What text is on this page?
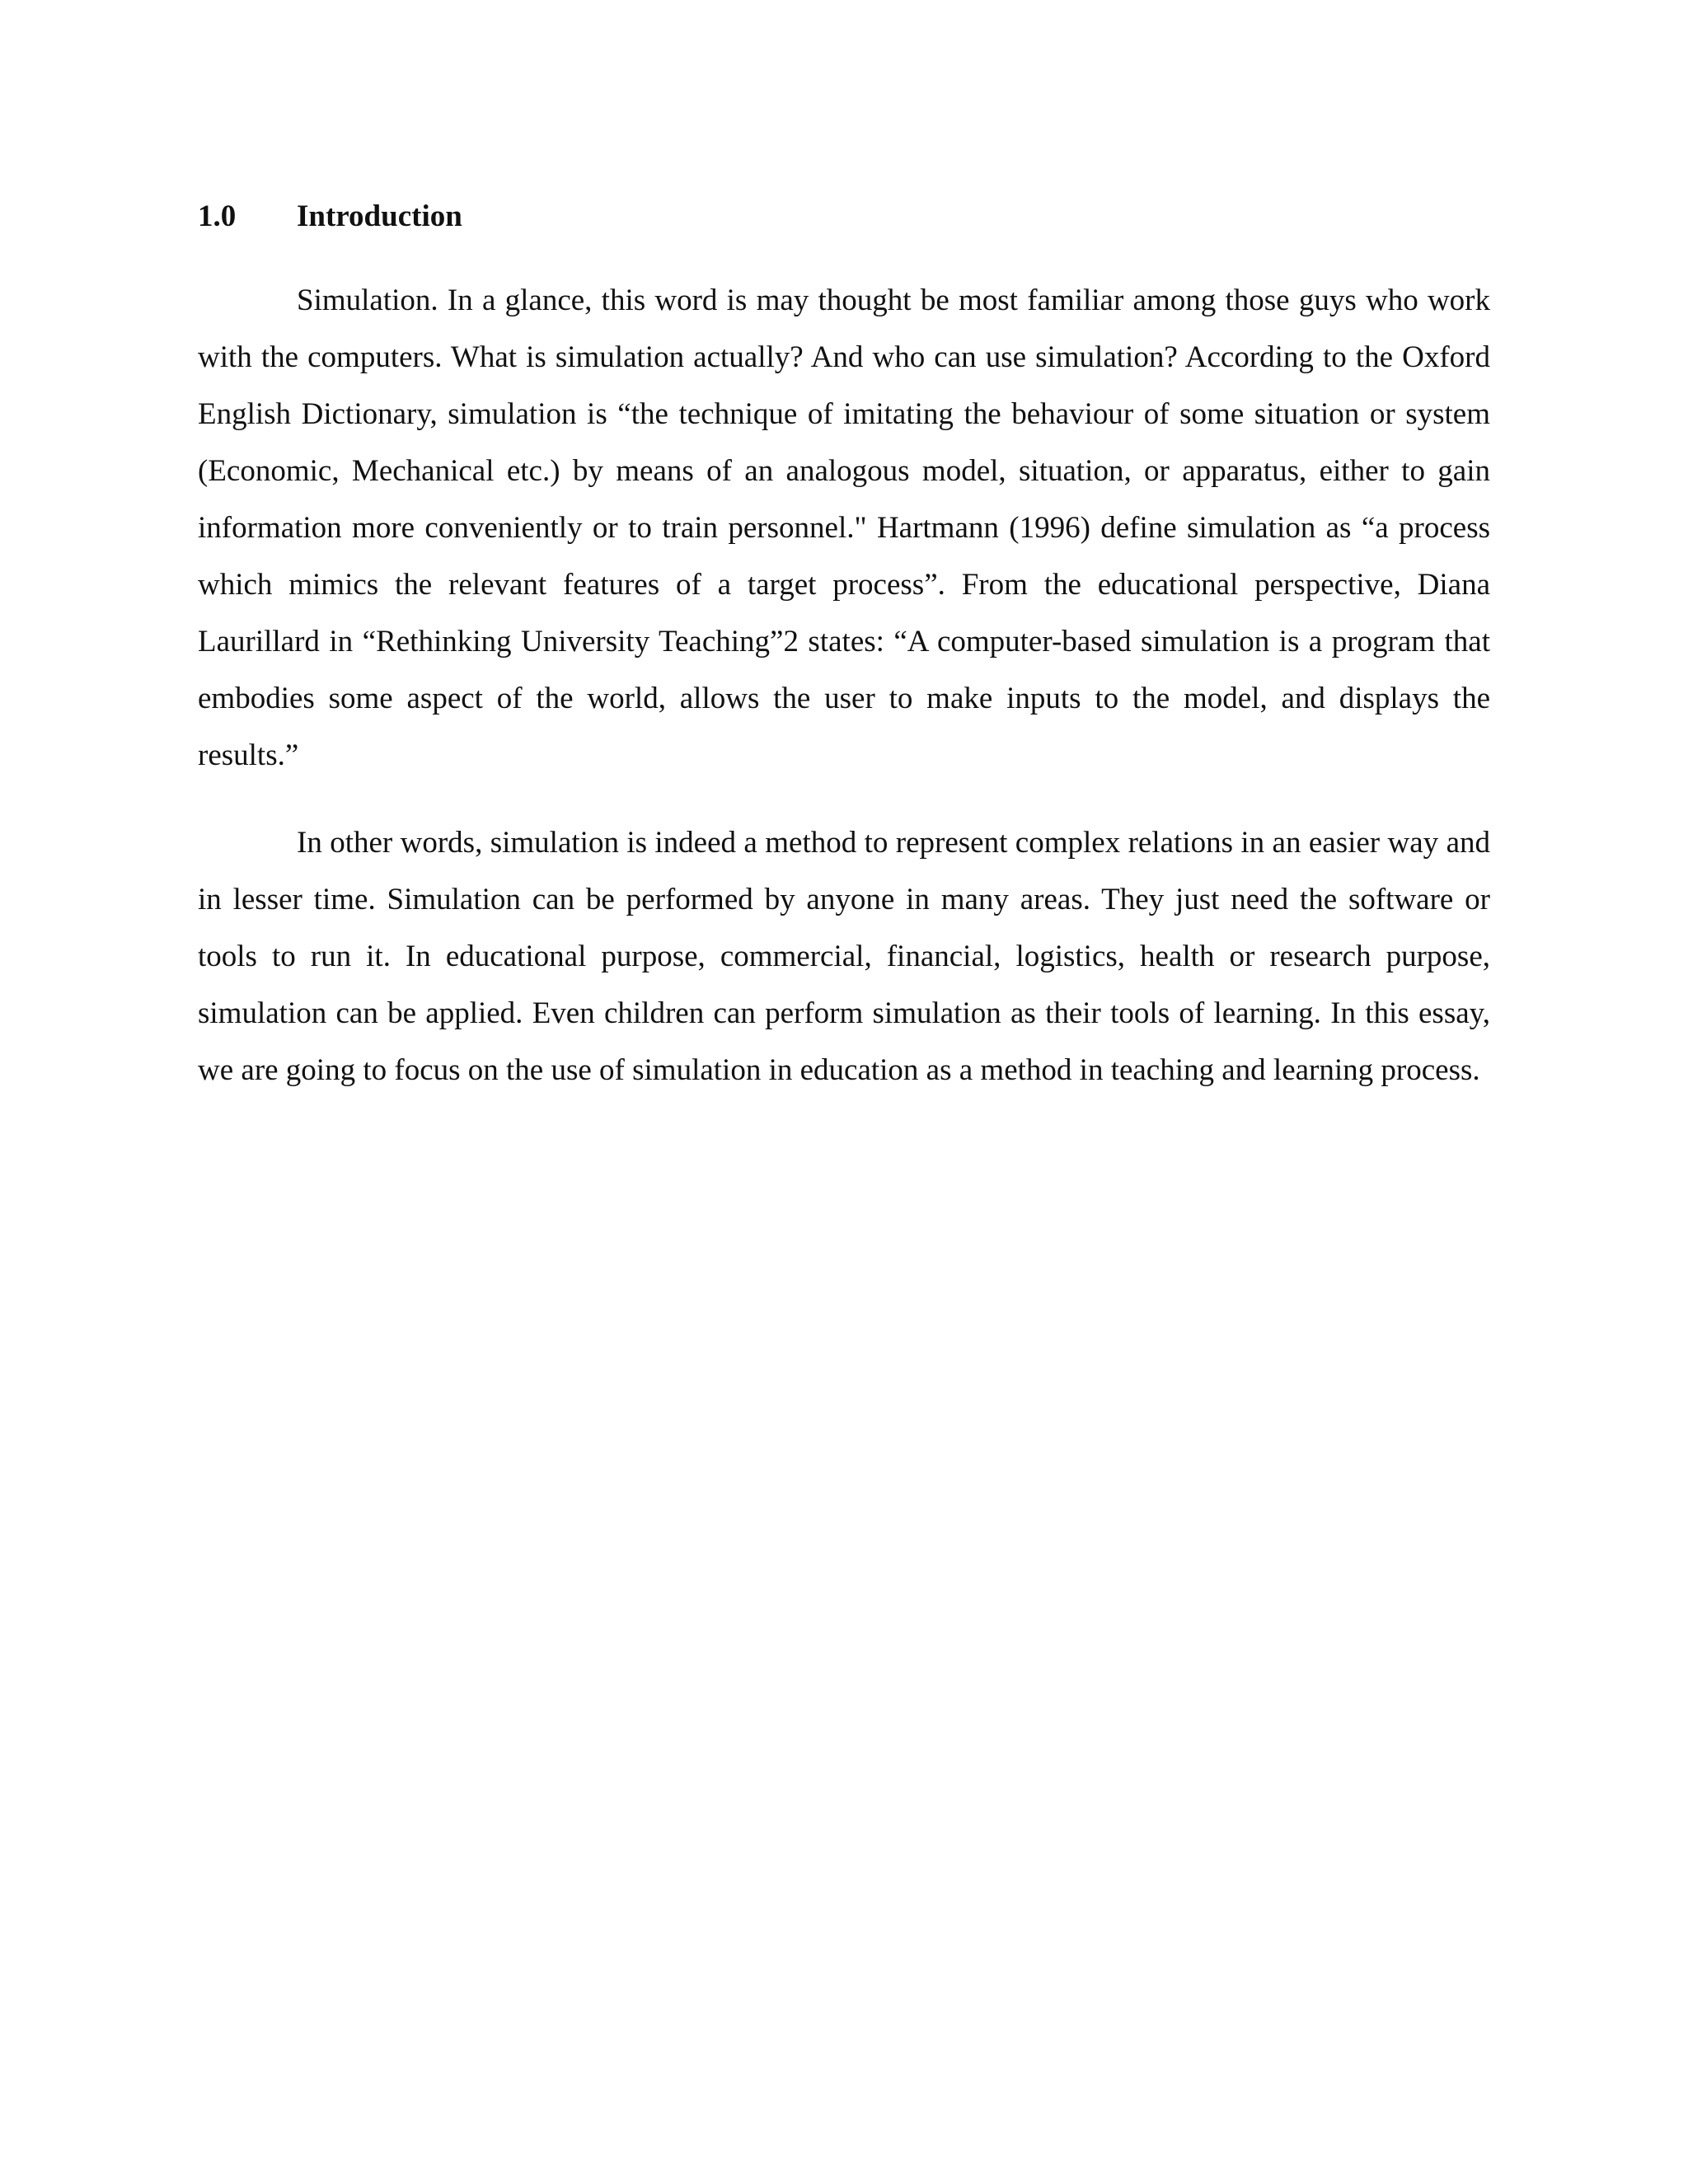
1.0 Introduction

Simulation. In a glance, this word is may thought be most familiar among those guys who work with the computers. What is simulation actually? And who can use simulation? According to the Oxford English Dictionary, simulation is “the technique of imitating the behaviour of some situation or system (Economic, Mechanical etc.) by means of an analogous model, situation, or apparatus, either to gain information more conveniently or to train personnel." Hartmann (1996) define simulation as “a process which mimics the relevant features of a target process”. From the educational perspective, Diana Laurillard in “Rethinking University Teaching”2 states: “A computer-based simulation is a program that embodies some aspect of the world, allows the user to make inputs to the model, and displays the results.”

In other words, simulation is indeed a method to represent complex relations in an easier way and in lesser time. Simulation can be performed by anyone in many areas. They just need the software or tools to run it. In educational purpose, commercial, financial, logistics, health or research purpose, simulation can be applied. Even children can perform simulation as their tools of learning. In this essay, we are going to focus on the use of simulation in education as a method in teaching and learning process.
